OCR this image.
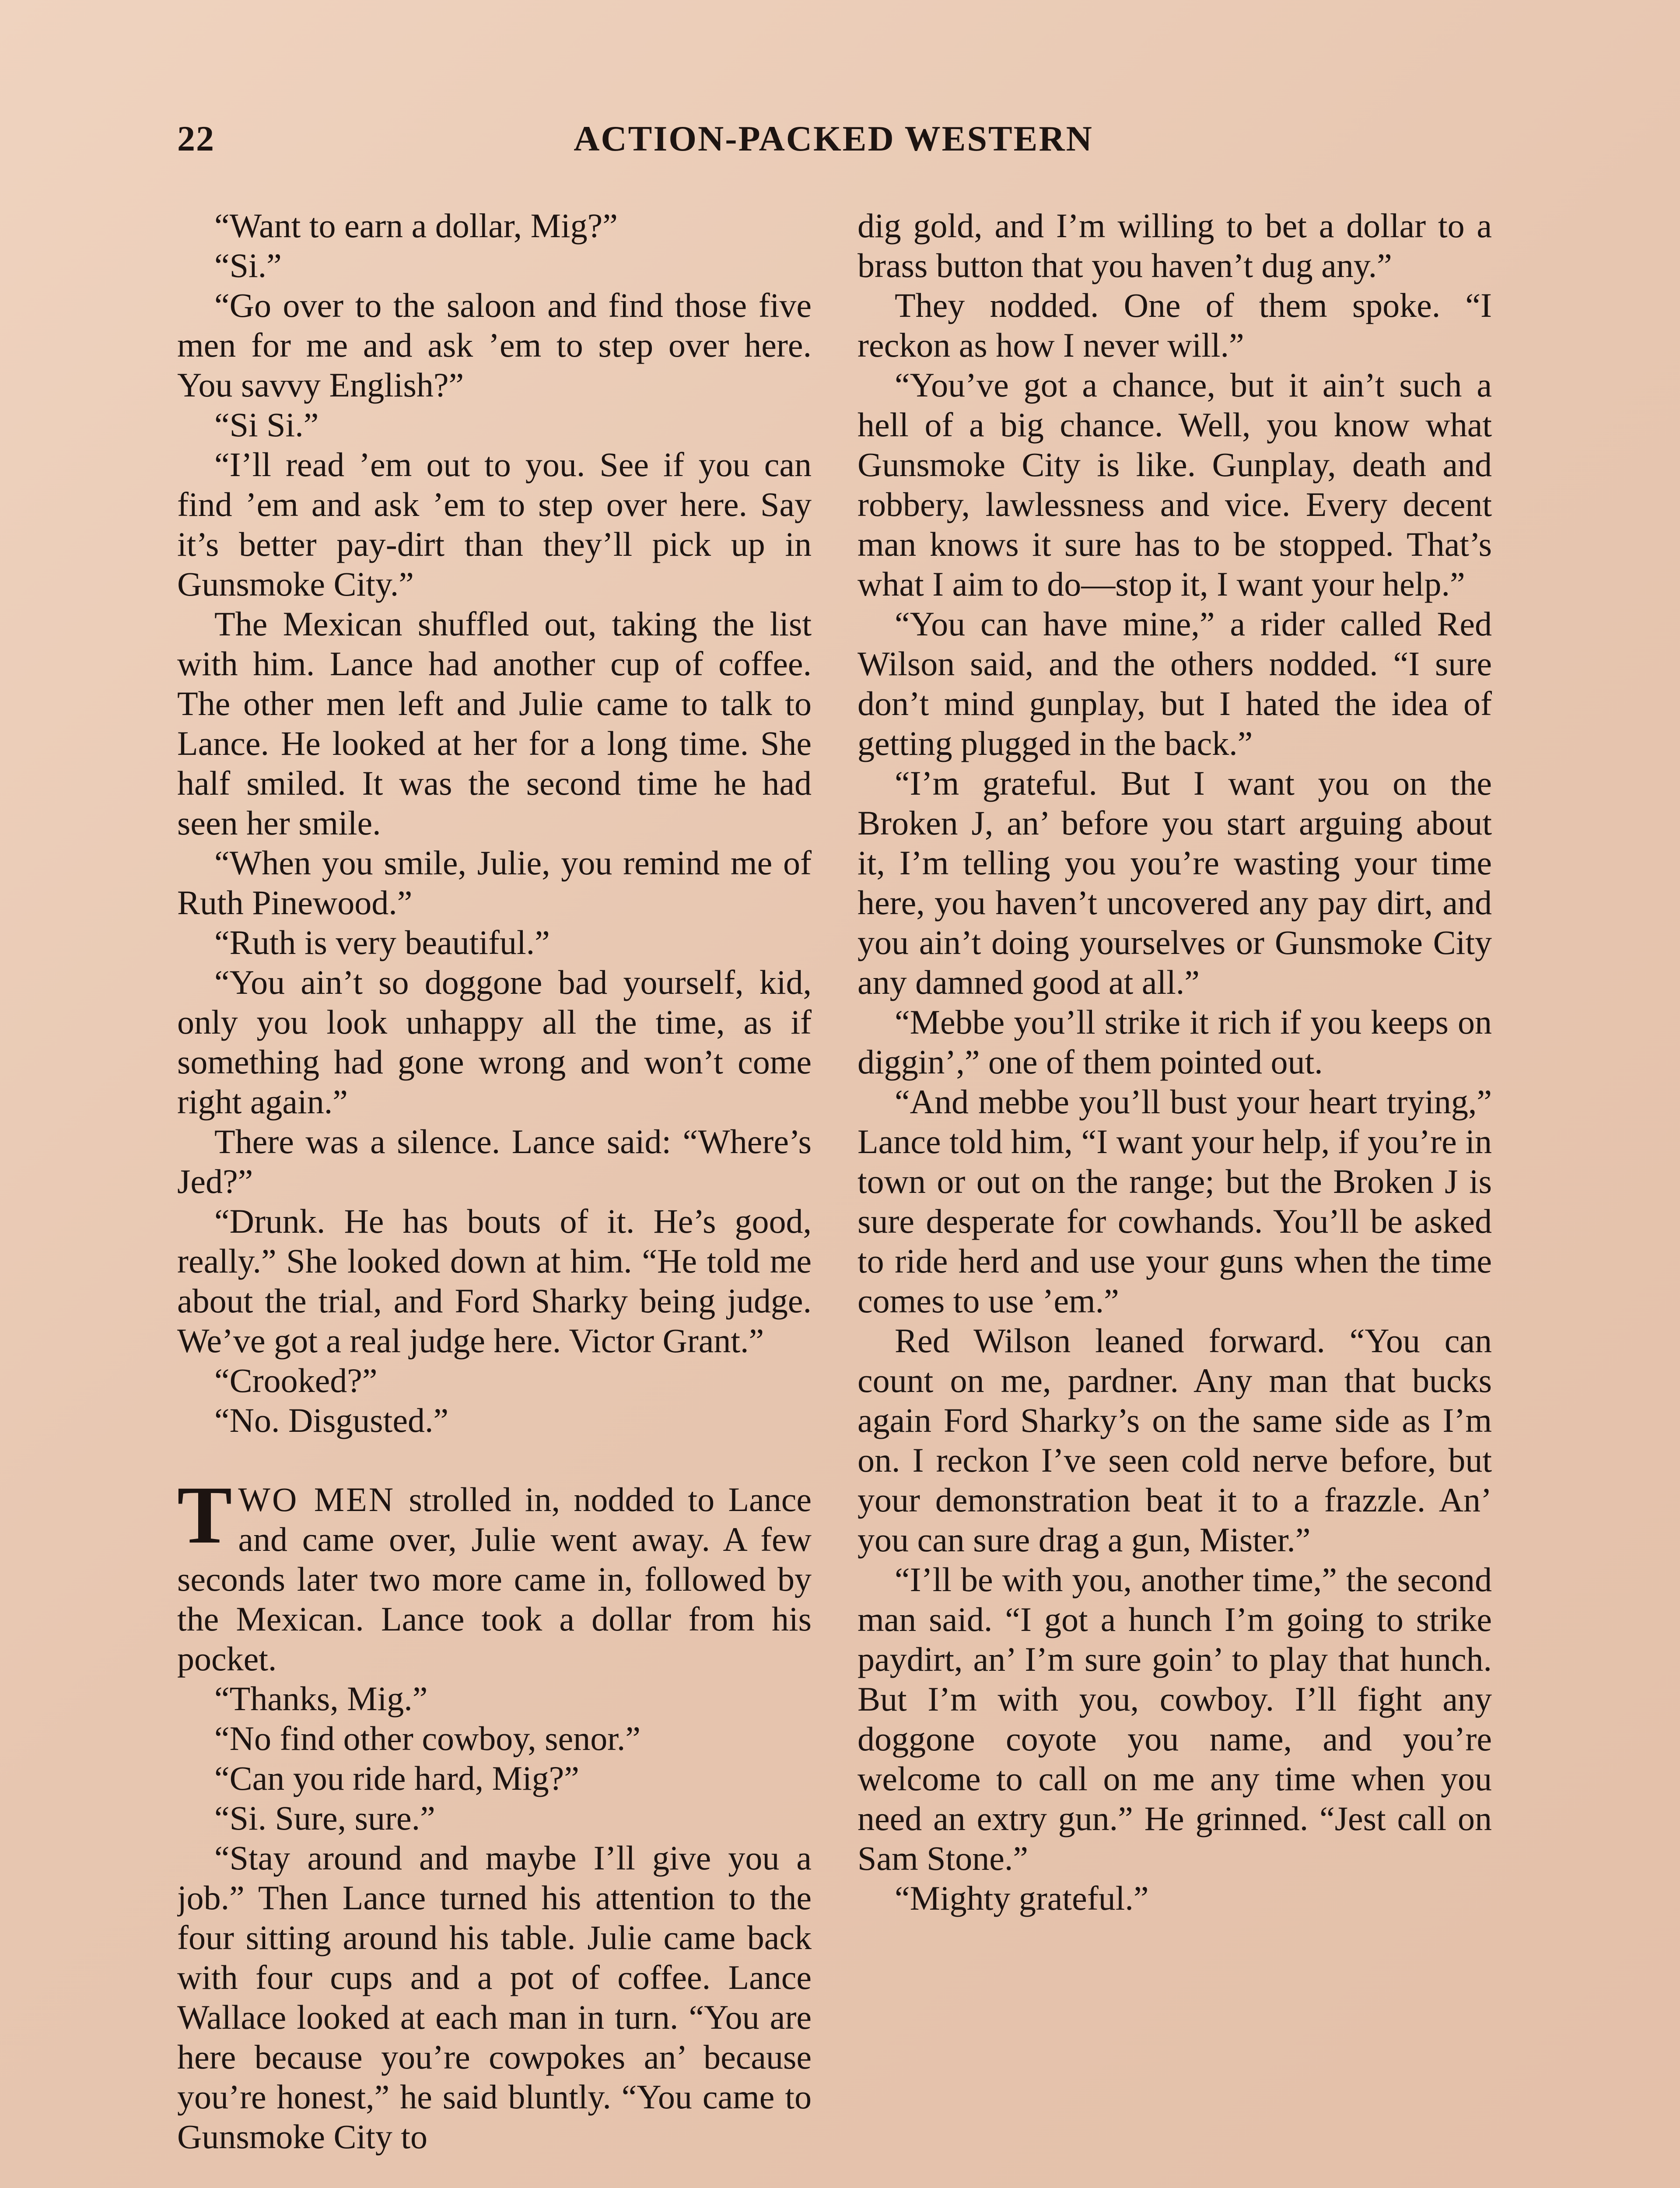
22	ACTION-PACKED WESTERN

“Want to earn a dollar, Mig?”

“Si.”

“Go over to the saloon and find those five men for me and ask ’em to step over here. You savvy English?”

“Si Si.”

“I’ll read ’em out to you. See if you can find ’em and ask ’em to step over here. Say it’s better pay-dirt than they’ll pick up in Gunsmoke City.”

The Mexican shuffled out, taking the list with him. Lance had another cup of coffee. The other men left and Julie came to talk to Lance. He looked at her for a long time. She half smiled. It was the second time he had seen her smile.

“When you smile, Julie, you remind me of Ruth Pinewood.”

“Ruth is very beautiful.”

“You ain’t so doggone bad yourself, kid, only you look unhappy all the time, as if something had gone wrong and won’t come right again.”

There was a silence. Lance said: “Where’s Jed?”

“Drunk. He has bouts of it. He’s good, really.” She looked down at him. “He told me about the trial, and Ford Sharky being judge. We’ve got a real judge here. Victor Grant.”

“Crooked?”

“No. Disgusted.”

TWO MEN strolled in, nodded to Lance and came over, Julie went away. A few seconds later two more came in, followed by the Mexican. Lance took a dollar from his pocket.

“Thanks, Mig.”

“No find other cowboy, senor.”

“Can you ride hard, Mig?”

“Si. Sure, sure.”

“Stay around and maybe I’ll give you a job.” Then Lance turned his attention to the four sitting around his table. Julie came back with four cups and a pot of coffee. Lance Wallace looked at each man in turn. “You are here because you’re cowpokes an’ because you’re honest,” he said bluntly. “You came to Gunsmoke City to

dig gold, and I’m willing to bet a dollar to a brass button that you haven’t dug any.”

They nodded. One of them spoke. “I reckon as how I never will.”

“You’ve got a chance, but it ain’t such a hell of a big chance. Well, you know what Gunsmoke City is like. Gunplay, death and robbery, lawlessness and vice. Every decent man knows it sure has to be stopped. That’s what I aim to do—stop it, I want your help.”

“You can have mine,” a rider called Red Wilson said, and the others nodded. “I sure don’t mind gunplay, but I hated the idea of getting plugged in the back.”

“I’m grateful. But I want you on the Broken J, an’ before you start arguing about it, I’m telling you you’re wasting your time here, you haven’t uncovered any pay dirt, and you ain’t doing yourselves or Gunsmoke City any damned good at all.”

“Mebbe you’ll strike it rich if you keeps on diggin’,” one of them pointed out.

“And mebbe you’ll bust your heart trying,” Lance told him, “I want your help, if you’re in town or out on the range; but the Broken J is sure desperate for cowhands. You’ll be asked to ride herd and use your guns when the time comes to use ’em.”

Red Wilson leaned forward. “You can count on me, pardner. Any man that bucks again Ford Sharky’s on the same side as I’m on. I reckon I’ve seen cold nerve before, but your demonstration beat it to a frazzle. An’ you can sure drag a gun, Mister.”

“I’ll be with you, another time,” the second man said. “I got a hunch I’m going to strike paydirt, an’ I’m sure goin’ to play that hunch. But I’m with you, cowboy. I’ll fight any doggone coyote you name, and you’re welcome to call on me any time when you need an extry gun.” He grinned. “Jest call on Sam Stone.”

“Mighty grateful.”
